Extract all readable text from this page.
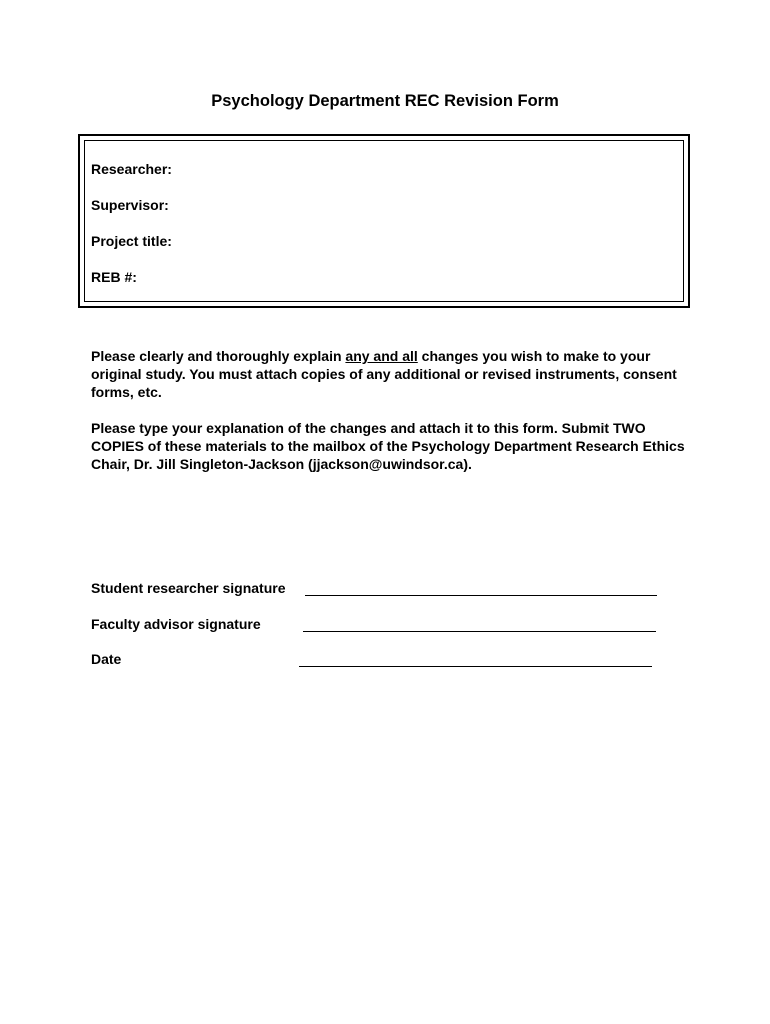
Psychology Department REC Revision Form
Researcher:
Supervisor:
Project title:
REB #:
Please clearly and thoroughly explain any and all changes you wish to make to your original study. You must attach copies of any additional or revised instruments, consent forms, etc.
Please type your explanation of the changes and attach it to this form. Submit TWO COPIES of these materials to the mailbox of the Psychology Department Research Ethics Chair, Dr. Jill Singleton-Jackson (jjackson@uwindsor.ca).
Student researcher signature
Faculty advisor signature
Date
